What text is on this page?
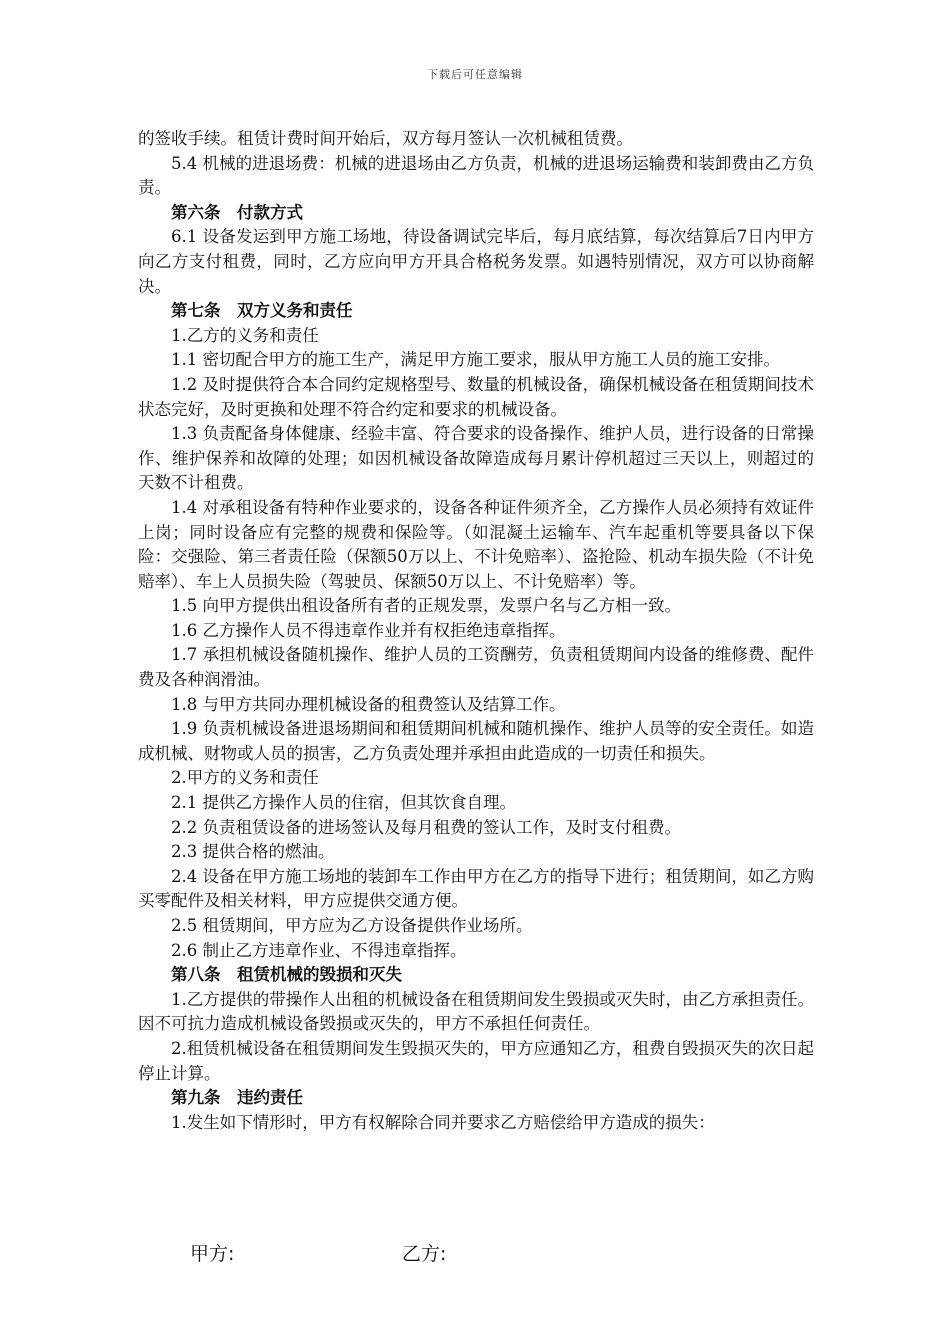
下载后可任意编辑

的签收手续。租赁计费时间开始后，双方每月签认一次机械租赁费。

5.4 机械的进退场费：机械的进退场由乙方负责，机械的进退场运输费和装卸费由乙方负责。

第六条　付款方式

6.1 设备发运到甲方施工场地，待设备调试完毕后，每月底结算，每次结算后7日内甲方向乙方支付租费，同时，乙方应向甲方开具合格税务发票。如遇特别情况，双方可以协商解决。

第七条　双方义务和责任

1.乙方的义务和责任

1.1 密切配合甲方的施工生产，满足甲方施工要求，服从甲方施工人员的施工安排。

1.2 及时提供符合本合同约定规格型号、数量的机械设备，确保机械设备在租赁期间技术状态完好，及时更换和处理不符合约定和要求的机械设备。

1.3 负责配备身体健康、经验丰富、符合要求的设备操作、维护人员，进行设备的日常操作、维护保养和故障的处理；如因机械设备故障造成每月累计停机超过三天以上，则超过的天数不计租费。

1.4 对承租设备有特种作业要求的，设备各种证件须齐全，乙方操作人员必须持有效证件上岗；同时设备应有完整的规费和保险等。（如混凝土运输车、汽车起重机等要具备以下保险：交强险、第三者责任险（保额50万以上、不计免赔率）、盗抢险、机动车损失险（不计免赔率）、车上人员损失险（驾驶员、保额50万以上、不计免赔率）等。

1.5 向甲方提供出租设备所有者的正规发票，发票户名与乙方相一致。

1.6 乙方操作人员不得违章作业并有权拒绝违章指挥。

1.7 承担机械设备随机操作、维护人员的工资酬劳，负责租赁期间内设备的维修费、配件费及各种润滑油。

1.8 与甲方共同办理机械设备的租费签认及结算工作。

1.9 负责机械设备进退场期间和租赁期间机械和随机操作、维护人员等的安全责任。如造成机械、财物或人员的损害，乙方负责处理并承担由此造成的一切责任和损失。

2.甲方的义务和责任

2.1 提供乙方操作人员的住宿，但其饮食自理。

2.2 负责租赁设备的进场签认及每月租费的签认工作，及时支付租费。

2.3 提供合格的燃油。

2.4 设备在甲方施工场地的装卸车工作由甲方在乙方的指导下进行；租赁期间，如乙方购买零配件及相关材料，甲方应提供交通方便。

2.5 租赁期间，甲方应为乙方设备提供作业场所。

2.6 制止乙方违章作业、不得违章指挥。

第八条　租赁机械的毁损和灭失

1.乙方提供的带操作人出租的机械设备在租赁期间发生毁损或灭失时，由乙方承担责任。因不可抗力造成机械设备毁损或灭失的，甲方不承担任何责任。

2.租赁机械设备在租赁期间发生毁损灭失的，甲方应通知乙方，租费自毁损灭失的次日起停止计算。

第九条　违约责任

1.发生如下情形时，甲方有权解除合同并要求乙方赔偿给甲方造成的损失：

甲方:	乙方:
